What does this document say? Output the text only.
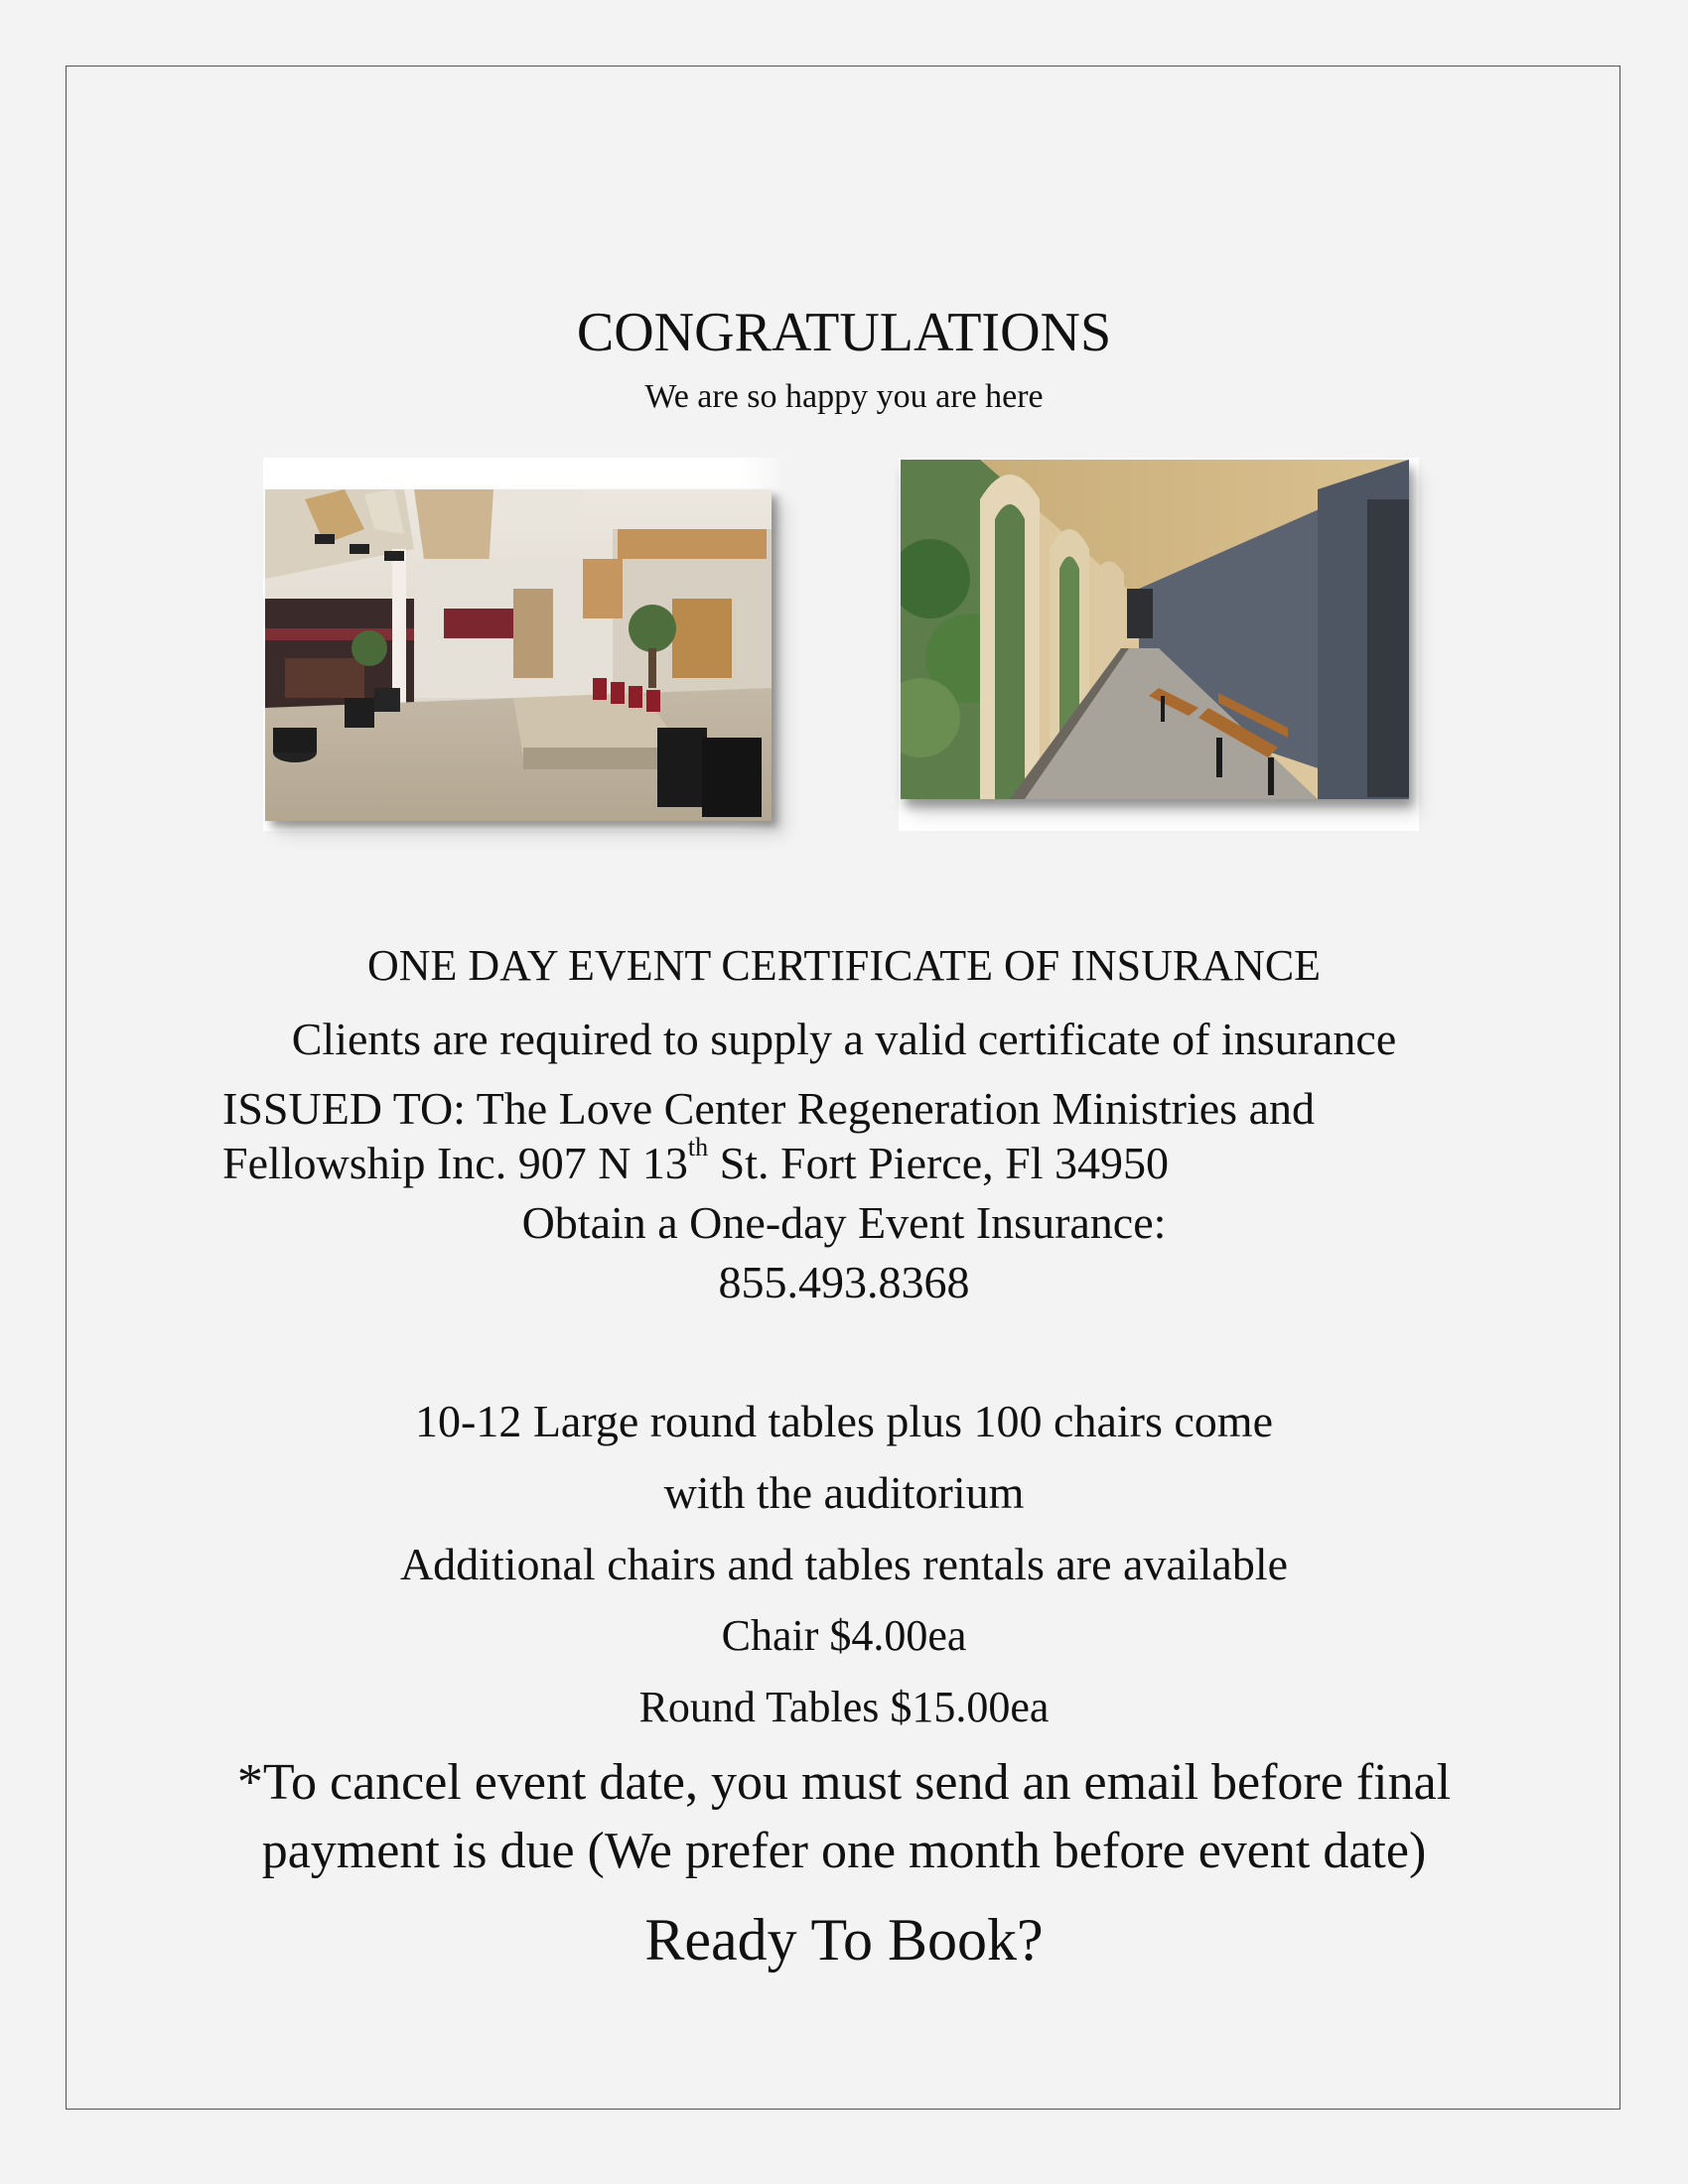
CONGRATULATIONS
We are so happy you are here
ONE DAY EVENT CERTIFICATE OF INSURANCE
Clients are required to supply a valid certificate of insurance
ISSUED TO: The Love Center Regeneration Ministries and
Fellowship Inc. 907 N 13th St. Fort Pierce, Fl 34950
Obtain a One-day Event Insurance:
855.493.8368
10-12 Large round tables plus 100 chairs come
with the auditorium
Additional chairs and tables rentals are available
Chair $4.00ea
Round Tables $15.00ea
*To cancel event date, you must send an email before final
payment is due (We prefer one month before event date)
Ready To Book?
